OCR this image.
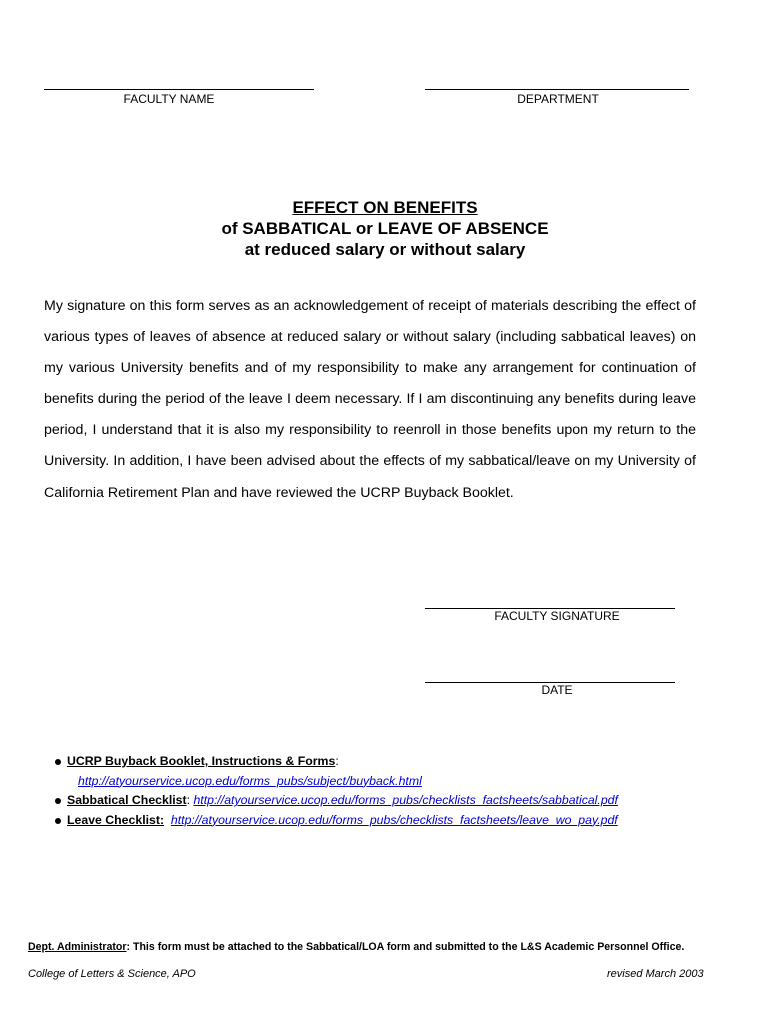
FACULTY NAME	DEPARTMENT
EFFECT ON BENEFITS
of SABBATICAL or LEAVE OF ABSENCE
at reduced salary or without salary
My signature on this form serves as an acknowledgement of receipt of materials describing the effect of various types of leaves of absence at reduced salary or without salary (including sabbatical leaves) on my various University benefits and of my responsibility to make any arrangement for continuation of benefits during the period of the leave I deem necessary. If I am discontinuing any benefits during leave period, I understand that it is also my responsibility to reenroll in those benefits upon my return to the University. In addition, I have been advised about the effects of my sabbatical/leave on my University of California Retirement Plan and have reviewed the UCRP Buyback Booklet.
FACULTY SIGNATURE
DATE
UCRP Buyback Booklet, Instructions & Forms:
http://atyourservice.ucop.edu/forms_pubs/subject/buyback.html
Sabbatical Checklist: http://atyourservice.ucop.edu/forms_pubs/checklists_factsheets/sabbatical.pdf
Leave Checklist: http://atyourservice.ucop.edu/forms_pubs/checklists_factsheets/leave_wo_pay.pdf
Dept. Administrator: This form must be attached to the Sabbatical/LOA form and submitted to the L&S Academic Personnel Office.
College of Letters & Science, APO	revised March 2003
